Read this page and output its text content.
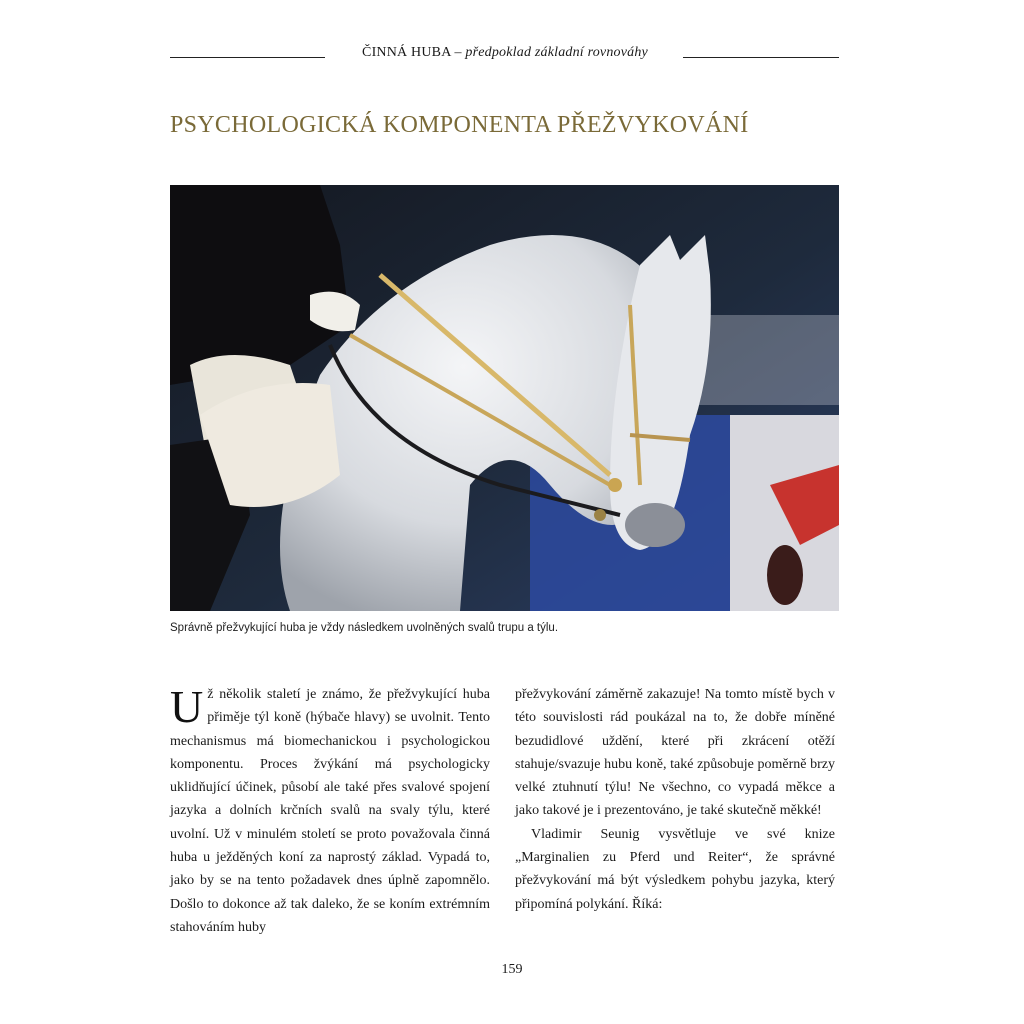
ČINNÁ HUBA – předpoklad základní rovnováhy
PSYCHOLOGICKÁ KOMPONENTA PŘEŽVYKOVÁNÍ
Správně přežvykující huba je vždy následkem uvolněných svalů trupu a týlu.

Už několik staletí je známo, že přežvykující huba přiměje týl koně (hýbače hlavy) se uvolnit. Tento mechanismus má biomechanickou i psychologickou komponentu. Proces žvýkání má psychologicky uklidňující účinek, působí ale také přes svalové spojení jazyka a dolních krčních svalů na svaly týlu, které uvolní. Už v minulém století se proto považovala činná huba u ježděných koní za naprostý základ. Vypadá to, jako by se na tento požadavek dnes úplně zapomnělo. Došlo to dokonce až tak daleko, že se koním extrémním stahováním huby

přežvykování záměrně zakazuje! Na tomto místě bych v této souvislosti rád poukázal na to, že dobře míněné bezudidlové uždění, které při zkrácení otěží stahuje/svazuje hubu koně, také způsobuje poměrně brzy velké ztuhnutí týlu! Ne všechno, co vypadá měkce a jako takové je i prezentováno, je také skutečně měkké!

Vladimir Seunig vysvětluje ve své knize „Marginalien zu Pferd und Reiter“, že správné přežvykování má být výsledkem pohybu jazyka, který připomíná polykání. Říká:

159
